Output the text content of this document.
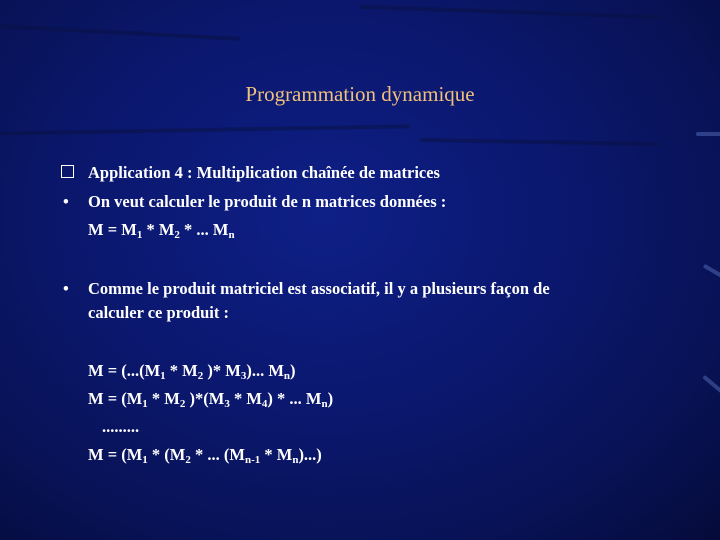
Programmation dynamique
Application 4 : Multiplication chaînée de matrices
• On veut calculer le produit de n matrices données :
$M = M_1 * M_2$ * ... $M_n$
• Comme le produit matriciel est associatif, il y a plusieurs façon de
calculer ce produit :
$M = (...(M_1 * M_2$ )* $M_3$)... $M_n$)
$M = (M_1 * M_2$ )$*(M_3 * M_4)$ * ... $M_n$)
.........
$M = (M_1 * (M_2$ * ... $(M_{n-1} * M_n)$...)
